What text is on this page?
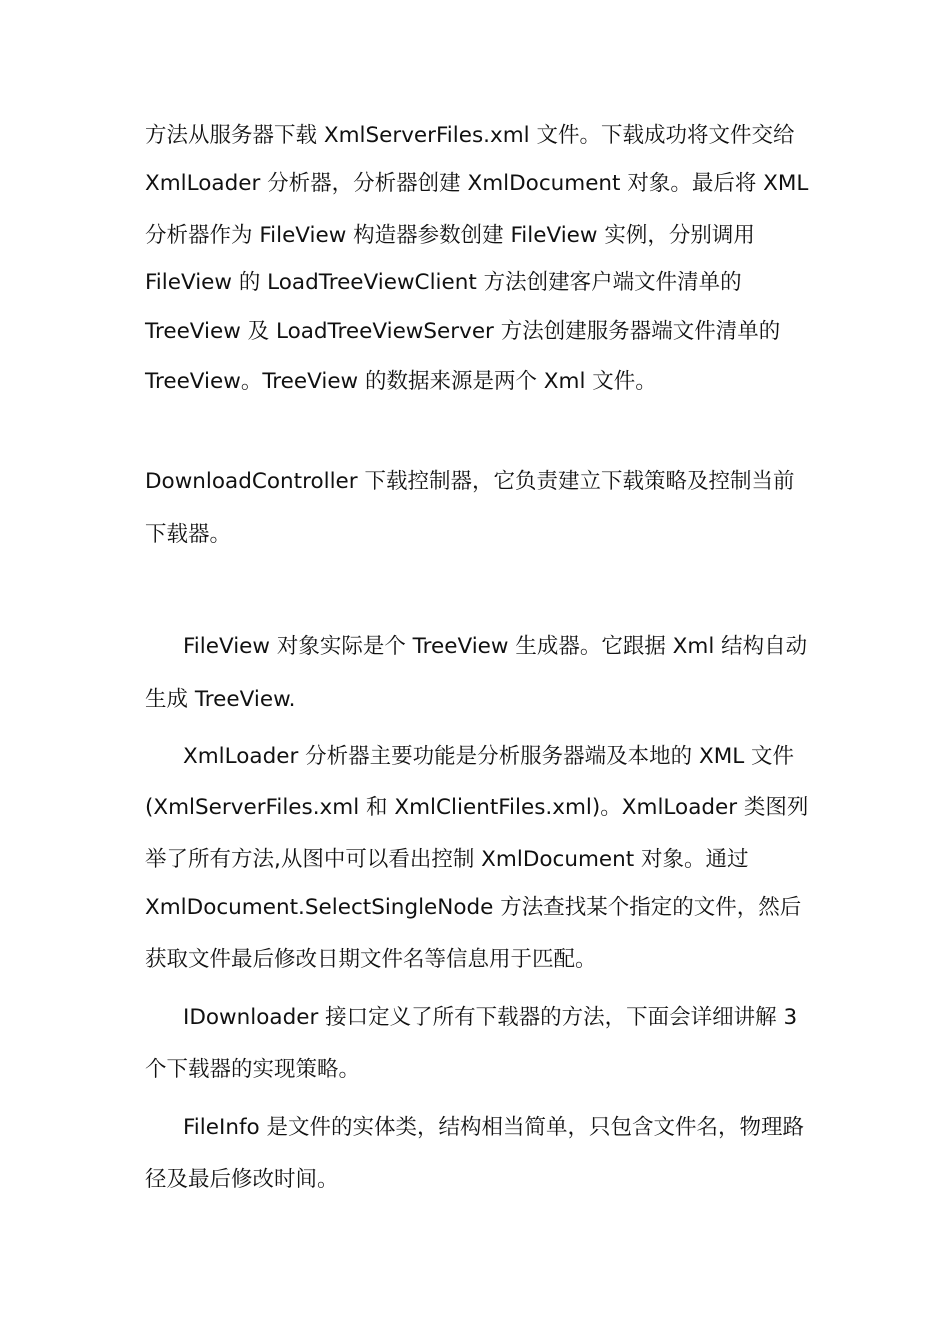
方法从服务器下载 XmlServerFiles.xml 文件。下载成功将文件交给
XmlLoader 分析器，分析器创建 XmlDocument 对象。最后将 XML
分析器作为 FileView 构造器参数创建 FileView 实例，分别调用
FileView 的 LoadTreeViewClient 方法创建客户端文件清单的
TreeView 及 LoadTreeViewServer 方法创建服务器端文件清单的
TreeView。TreeView 的数据来源是两个 Xml 文件。
DownloadController 下载控制器，它负责建立下载策略及控制当前
下载器。
FileView 对象实际是个 TreeView 生成器。它跟据 Xml 结构自动
生成 TreeView.
XmlLoader 分析器主要功能是分析服务器端及本地的 XML 文件
(XmlServerFiles.xml 和 XmlClientFiles.xml)。XmlLoader 类图列
举了所有方法,从图中可以看出控制 XmlDocument 对象。通过
XmlDocument.SelectSingleNode 方法查找某个指定的文件，然后
获取文件最后修改日期文件名等信息用于匹配。
IDownloader 接口定义了所有下载器的方法，下面会详细讲解 3
个下载器的实现策略。
FileInfo 是文件的实体类，结构相当简单，只包含文件名，物理路
径及最后修改时间。
